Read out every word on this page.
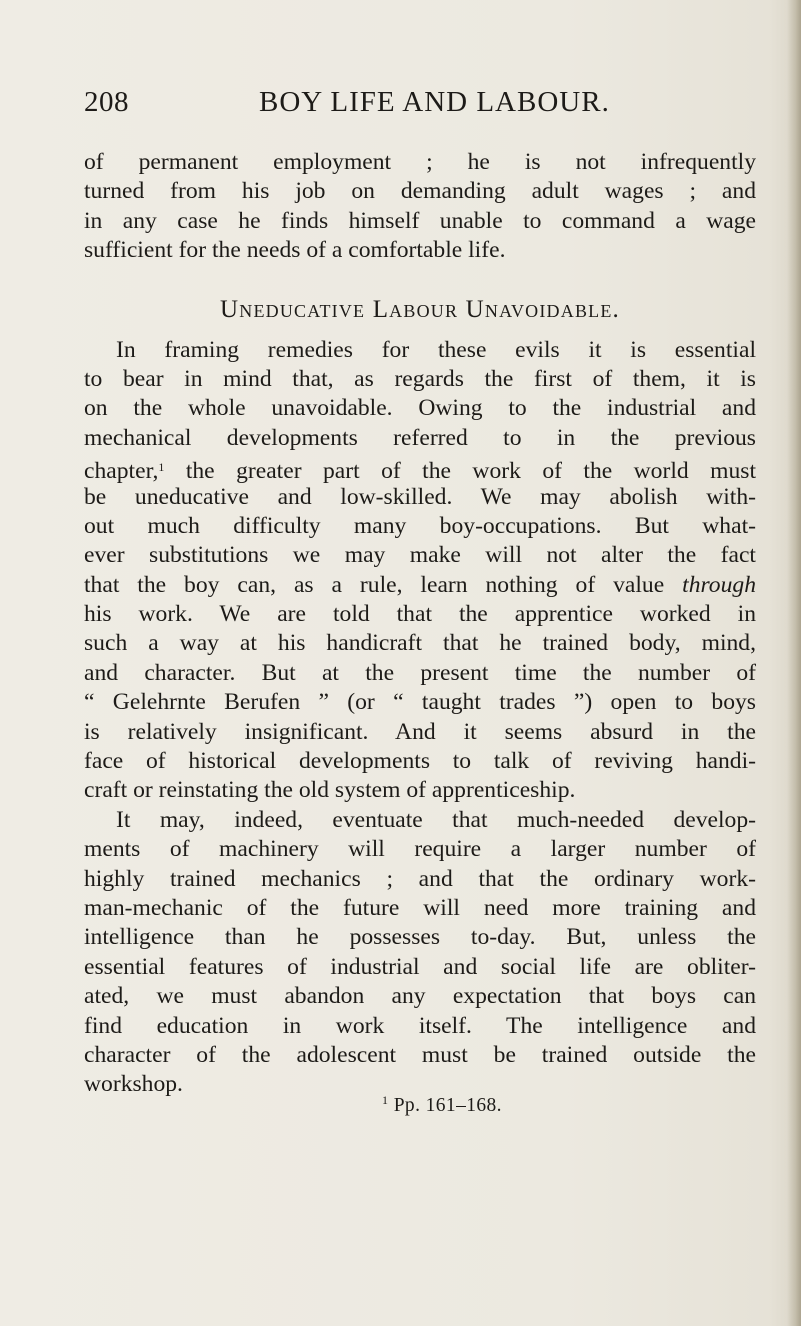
208	BOY LIFE AND LABOUR.
of permanent employment ; he is not infrequently
turned from his job on demanding adult wages ; and
in any case he finds himself unable to command a wage
sufficient for the needs of a comfortable life.
Uneducative Labour Unavoidable.
In framing remedies for these evils it is essential
to bear in mind that, as regards the first of them, it is
on the whole unavoidable. Owing to the industrial and
mechanical developments referred to in the previous
chapter,$^1$ the greater part of the work of the world must
be uneducative and low-skilled. We may abolish with-
out much difficulty many boy-occupations. But what-
ever substitutions we may make will not alter the fact
that the boy can, as a rule, learn nothing of value through
his work. We are told that the apprentice worked in
such a way at his handicraft that he trained body, mind,
and character. But at the present time the number of
“ Gelehrnte Berufen ” (or “ taught trades ”) open to boys
is relatively insignificant. And it seems absurd in the
face of historical developments to talk of reviving handi-
craft or reinstating the old system of apprenticeship.
It may, indeed, eventuate that much-needed develop-
ments of machinery will require a larger number of
highly trained mechanics ; and that the ordinary work-
man-mechanic of the future will need more training and
intelligence than he possesses to-day. But, unless the
essential features of industrial and social life are obliter-
ated, we must abandon any expectation that boys can
find education in work itself. The intelligence and
character of the adolescent must be trained outside the
workshop.
$^1$ Pp. 161–168.
